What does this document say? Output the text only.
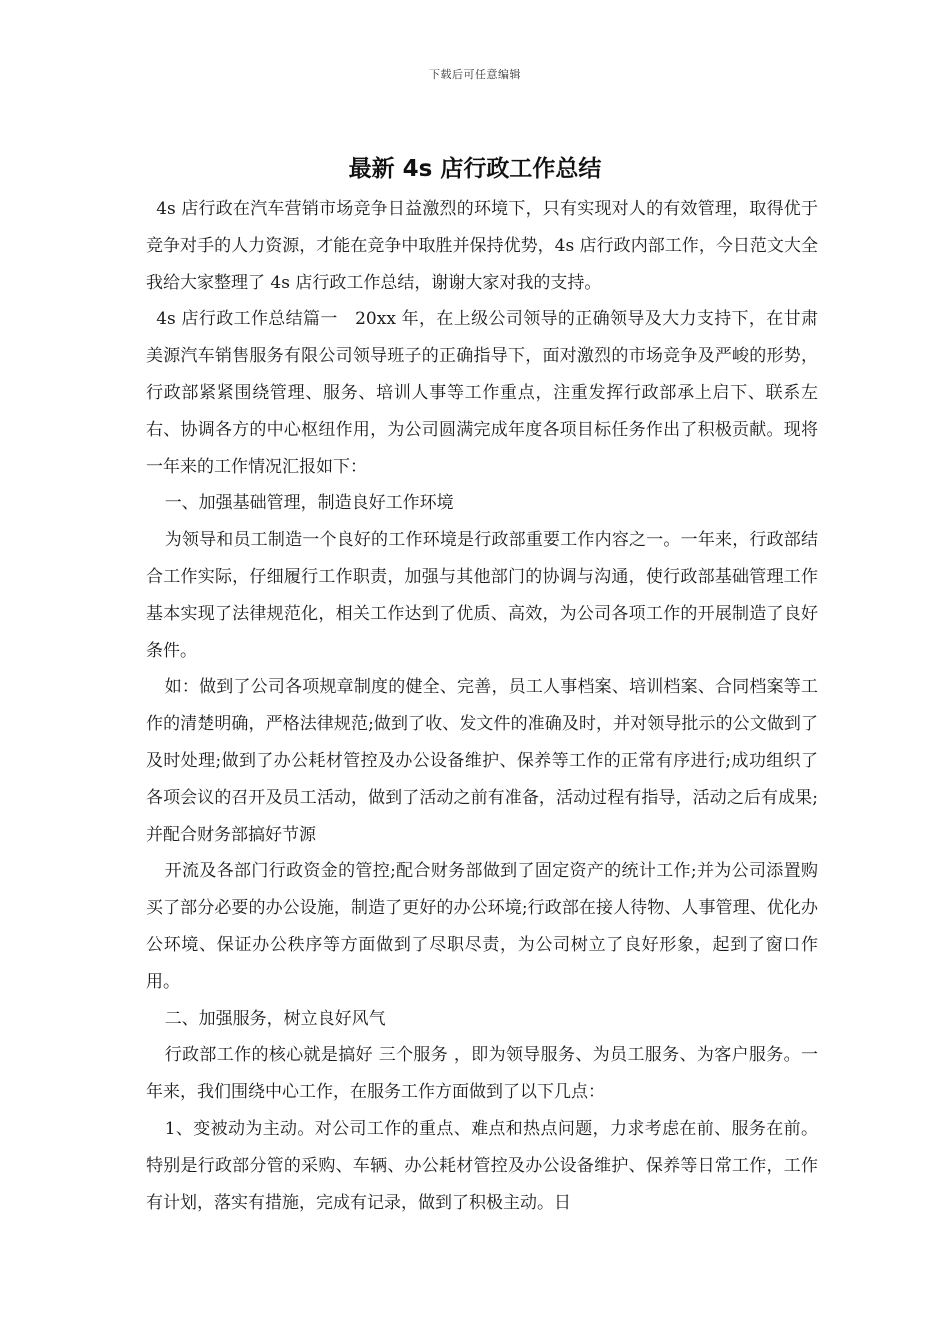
下载后可任意编辑
最新 4s 店行政工作总结

4s 店行政在汽车营销市场竞争日益激烈的环境下，只有实现对人的有效管理，取得优于竞争对手的人力资源，才能在竞争中取胜并保持优势，4s 店行政内部工作，今日范文大全我给大家整理了 4s 店行政工作总结，谢谢大家对我的支持。

4s 店行政工作总结篇一　20xx 年，在上级公司领导的正确领导及大力支持下，在甘肃美源汽车销售服务有限公司领导班子的正确指导下，面对激烈的市场竞争及严峻的形势，行政部紧紧围绕管理、服务、培训人事等工作重点，注重发挥行政部承上启下、联系左右、协调各方的中心枢纽作用，为公司圆满完成年度各项目标任务作出了积极贡献。现将一年来的工作情况汇报如下：

一、加强基础管理，制造良好工作环境

为领导和员工制造一个良好的工作环境是行政部重要工作内容之一。一年来，行政部结合工作实际，仔细履行工作职责，加强与其他部门的协调与沟通，使行政部基础管理工作基本实现了法律规范化，相关工作达到了优质、高效，为公司各项工作的开展制造了良好条件。

如：做到了公司各项规章制度的健全、完善，员工人事档案、培训档案、合同档案等工作的清楚明确，严格法律规范;做到了收、发文件的准确及时，并对领导批示的公文做到了及时处理;做到了办公耗材管控及办公设备维护、保养等工作的正常有序进行;成功组织了各项会议的召开及员工活动，做到了活动之前有准备，活动过程有指导，活动之后有成果;并配合财务部搞好节源

开流及各部门行政资金的管控;配合财务部做到了固定资产的统计工作;并为公司添置购买了部分必要的办公设施，制造了更好的办公环境;行政部在接人待物、人事管理、优化办公环境、保证办公秩序等方面做到了尽职尽责，为公司树立了良好形象，起到了窗口作用。

二、加强服务，树立良好风气

行政部工作的核心就是搞好 三个服务 ，即为领导服务、为员工服务、为客户服务。一年来，我们围绕中心工作，在服务工作方面做到了以下几点：

1、变被动为主动。对公司工作的重点、难点和热点问题，力求考虑在前、服务在前。特别是行政部分管的采购、车辆、办公耗材管控及办公设备维护、保养等日常工作，工作有计划，落实有措施，完成有记录，做到了积极主动。日
